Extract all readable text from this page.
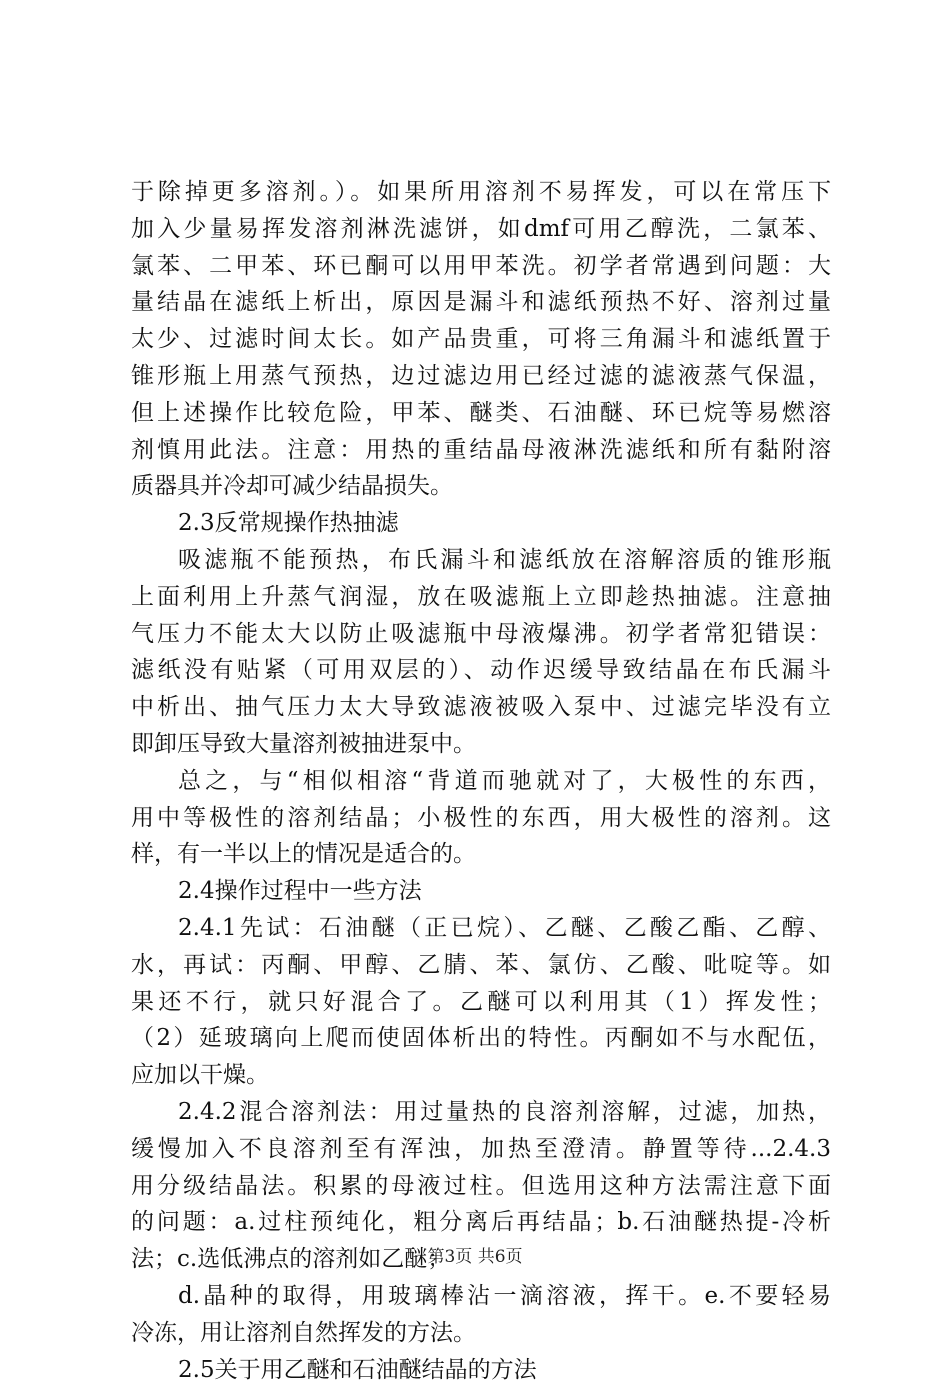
于除掉更多溶剂。）。如果所用溶剂不易挥发，可以在常压下
加入少量易挥发溶剂淋洗滤饼，如dmf可用乙醇洗，二氯苯、
氯苯、二甲苯、环已酮可以用甲苯洗。初学者常遇到问题：大
量结晶在滤纸上析出，原因是漏斗和滤纸预热不好、溶剂过量
太少、过滤时间太长。如产品贵重，可将三角漏斗和滤纸置于
锥形瓶上用蒸气预热，边过滤边用已经过滤的滤液蒸气保温，
但上述操作比较危险，甲苯、醚类、石油醚、环已烷等易燃溶
剂慎用此法。注意：用热的重结晶母液淋洗滤纸和所有黏附溶
质器具并冷却可减少结晶损失。
2.3反常规操作热抽滤
吸滤瓶不能预热，布氏漏斗和滤纸放在溶解溶质的锥形瓶
上面利用上升蒸气润湿，放在吸滤瓶上立即趁热抽滤。注意抽
气压力不能太大以防止吸滤瓶中母液爆沸。初学者常犯错误：
滤纸没有贴紧（可用双层的）、动作迟缓导致结晶在布氏漏斗
中析出、抽气压力太大导致滤液被吸入泵中、过滤完毕没有立
即卸压导致大量溶剂被抽进泵中。
总之，与“相似相溶“背道而驰就对了，大极性的东西，
用中等极性的溶剂结晶；小极性的东西，用大极性的溶剂。这
样，有一半以上的情况是适合的。
2.4操作过程中一些方法
2.4.1先试：石油醚（正已烷）、乙醚、乙酸乙酯、乙醇、
水，再试：丙酮、甲醇、乙腈、苯、氯仿、乙酸、吡啶等。如
果还不行，就只好混合了。乙醚可以利用其（1）挥发性；
（2）延玻璃向上爬而使固体析出的特性。丙酮如不与水配伍，
应加以干燥。
2.4.2混合溶剂法：用过量热的良溶剂溶解，过滤，加热，
缓慢加入不良溶剂至有浑浊，加热至澄清。静置等待...2.4.3
用分级结晶法。积累的母液过柱。但选用这种方法需注意下面
的问题：a.过柱预纯化，粗分离后再结晶；b.石油醚热提-冷析
法；c.选低沸点的溶剂如乙醚；
d.晶种的取得，用玻璃棒沾一滴溶液，挥干。e.不要轻易
冷冻，用让溶剂自然挥发的方法。
2.5关于用乙醚和石油醚结晶的方法
第3页 共6页
